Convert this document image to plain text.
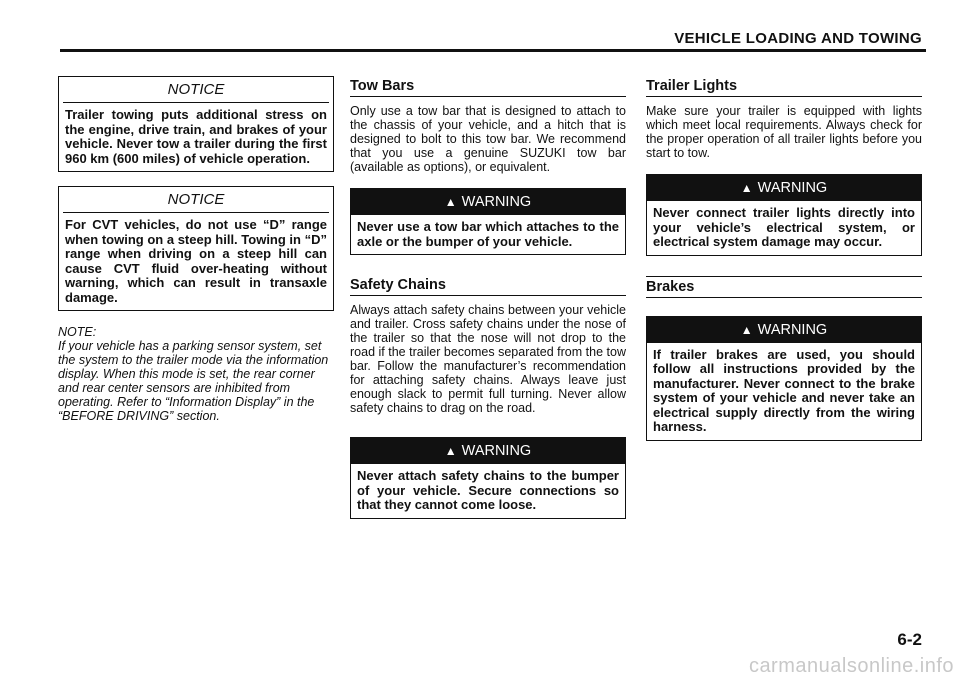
VEHICLE LOADING AND TOWING
NOTICE
Trailer towing puts additional stress on the engine, drive train, and brakes of your vehicle. Never tow a trailer during the first 960 km (600 miles) of vehicle operation.
NOTICE
For CVT vehicles, do not use “D” range when towing on a steep hill. Towing in “D” range when driving on a steep hill can cause CVT fluid over-heating without warning, which can result in transaxle damage.
NOTE:
If your vehicle has a parking sensor system, set the system to the trailer mode via the information display. When this mode is set, the rear corner and rear center sensors are inhibited from operating. Refer to “Information Display” in the “BEFORE DRIVING” section.
Tow Bars
Only use a tow bar that is designed to attach to the chassis of your vehicle, and a hitch that is designed to bolt to this tow bar. We recommend that you use a genuine SUZUKI tow bar (available as options), or equivalent.
▲ WARNING
Never use a tow bar which attaches to the axle or the bumper of your vehicle.
Safety Chains
Always attach safety chains between your vehicle and trailer. Cross safety chains under the nose of the trailer so that the nose will not drop to the road if the trailer becomes separated from the tow bar. Follow the manufacturer’s recommendation for attaching safety chains. Always leave just enough slack to permit full turning. Never allow safety chains to drag on the road.
▲ WARNING
Never attach safety chains to the bumper of your vehicle. Secure connections so that they cannot come loose.
Trailer Lights
Make sure your trailer is equipped with lights which meet local requirements. Always check for the proper operation of all trailer lights before you start to tow.
▲ WARNING
Never connect trailer lights directly into your vehicle’s electrical system, or electrical system damage may occur.
Brakes
▲ WARNING
If trailer brakes are used, you should follow all instructions provided by the manufacturer. Never connect to the brake system of your vehicle and never take an electrical supply directly from the wiring harness.
6-2
carmanualsonline.info
